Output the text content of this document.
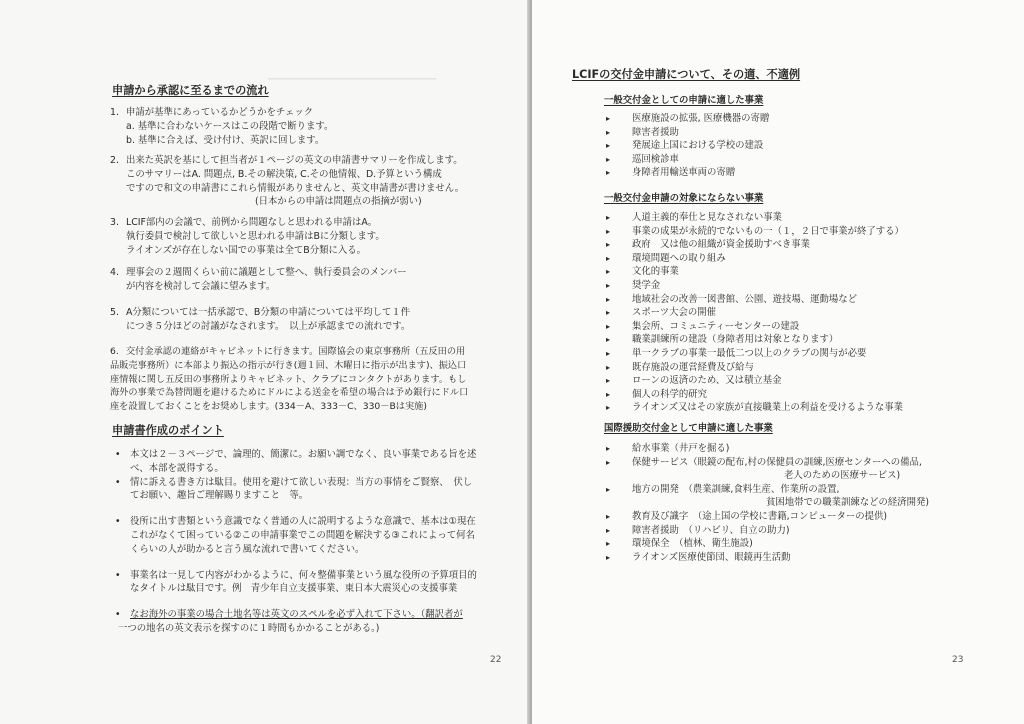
───────────────────────────────

申請から承認に至るまでの流れ
1. 申請が基準にあっているかどうかをチェック
a. 基準に合わないケースはこの段階で断ります。
b. 基準に合えば、受け付け、英訳に回します。
2. 出来た英訳を基にして担当者が１ページの英文の申請書サマリーを作成します。
このサマリーはA. 問題点, B.その解決策, C.その他情報、D.予算という構成
ですので和文の申請書にこれら情報がありませんと、英文申請書が書けません。
(日本からの申請は問題点の指摘が弱い)
3. LCIF部内の会議で、前例から問題なしと思われる申請はA。
執行委員で検討して欲しいと思われる申請はBに分類します。
ライオンズが存在しない国での事業は全てB分類に入る。
4. 理事会の２週間くらい前に議題として整へ、執行委員会のメンバー
が内容を検討して会議に望みます。
5. A分類については一括承認で、B分類の申請については平均して１件
につき５分ほどの討議がなされます。　以上が承認までの流れです。
6. 交付金承認の連絡がキャビネットに行きます。国際協会の東京事務所（五反田の用
品販売事務所）に本部より振込の指示が行き(週１回、木曜日に指示が出ます)、振込口
座情報に関し五反田の事務所よりキャビネット、クラブにコンタクトがあります。もし
海外の事業で為替問題を避けるためにドルによる送金を希望の場合は予め銀行にドル口
座を設置しておくことをお奨めします。(334－A、333－C、330－Bは実施)
申請書作成のポイント
• 本文は２－３ページで、論理的、簡潔に。お願い調でなく、良い事業である旨を述
べ、本部を説得する。
• 情に訴える書き方は駄目。使用を避けて欲しい表現：当方の事情をご賢察、　伏し
てお願い、趣旨ご理解賜りますこと　等。
• 役所に出す書類という意識でなく普通の人に説明するような意識で、基本は①現在
これがなくて困っている②この申請事業でこの問題を解決する③これによって何名
くらいの人が助かると言う風な流れで書いてください。
• 事業名は一見して内容がわかるように、何々整備事業という風な役所の予算項目的
なタイトルは駄目です。例　青少年自立支援事業、東日本大震災心の支援事業
• なお海外の事業の場合土地名等は英文のスペルを必ず入れて下さい。（翻訳者が
一つの地名の英文表示を探すのに１時間もかかることがある。)
22
LCIFの交付金申請について、その適、不適例
一般交付金としての申請に適した事業
▸ 医療施設の拡張, 医療機器の寄贈
▸ 障害者援助
▸ 発展途上国における学校の建設
▸ 巡回検診車
▸ 身障者用輸送車両の寄贈
一般交付金申請の対象にならない事業
▸ 人道主義的奉仕と見なされない事業
▸ 事業の成果が永続的でないもの一（１，２日で事業が終了する）
▸ 政府　又は他の組織が資金援助すべき事業
▸ 環境問題への取り組み
▸ 文化的事業
▸ 奨学金
▸ 地域社会の改善一図書館、公園、遊技場、運動場など
▸ スポーツ大会の開催
▸ 集会所、コミュニティーセンターの建設
▸ 職業訓練所の建設（身障者用は対象となります）
▸ 単一クラブの事業一最低二つ以上のクラブの関与が必要
▸ 既存施設の運営経費及び給与
▸ ローンの返済のため、又は積立基金
▸ 個人の科学的研究
▸ ライオンズ又はその家族が直接職業上の利益を受けるような事業
国際援助交付金として申請に適した事業
▸ 給水事業（井戸を掘る)
▸ 保健サービス（眼鏡の配布,村の保健員の訓練,医療センターへの備品,
老人のための医療サービス)
▸ 地方の開発　（農業訓練,食料生産、作業所の設置,
貧困地帯での職業訓練などの経済開発)
▸ 教育及び識字　（途上国の学校に書籍,コンピューターの提供)
▸ 障害者援助　（リハビリ、自立の助力)
▸ 環境保全　（植林、衛生施設)
▸ ライオンズ医療使節団、眼鏡再生活動
23
